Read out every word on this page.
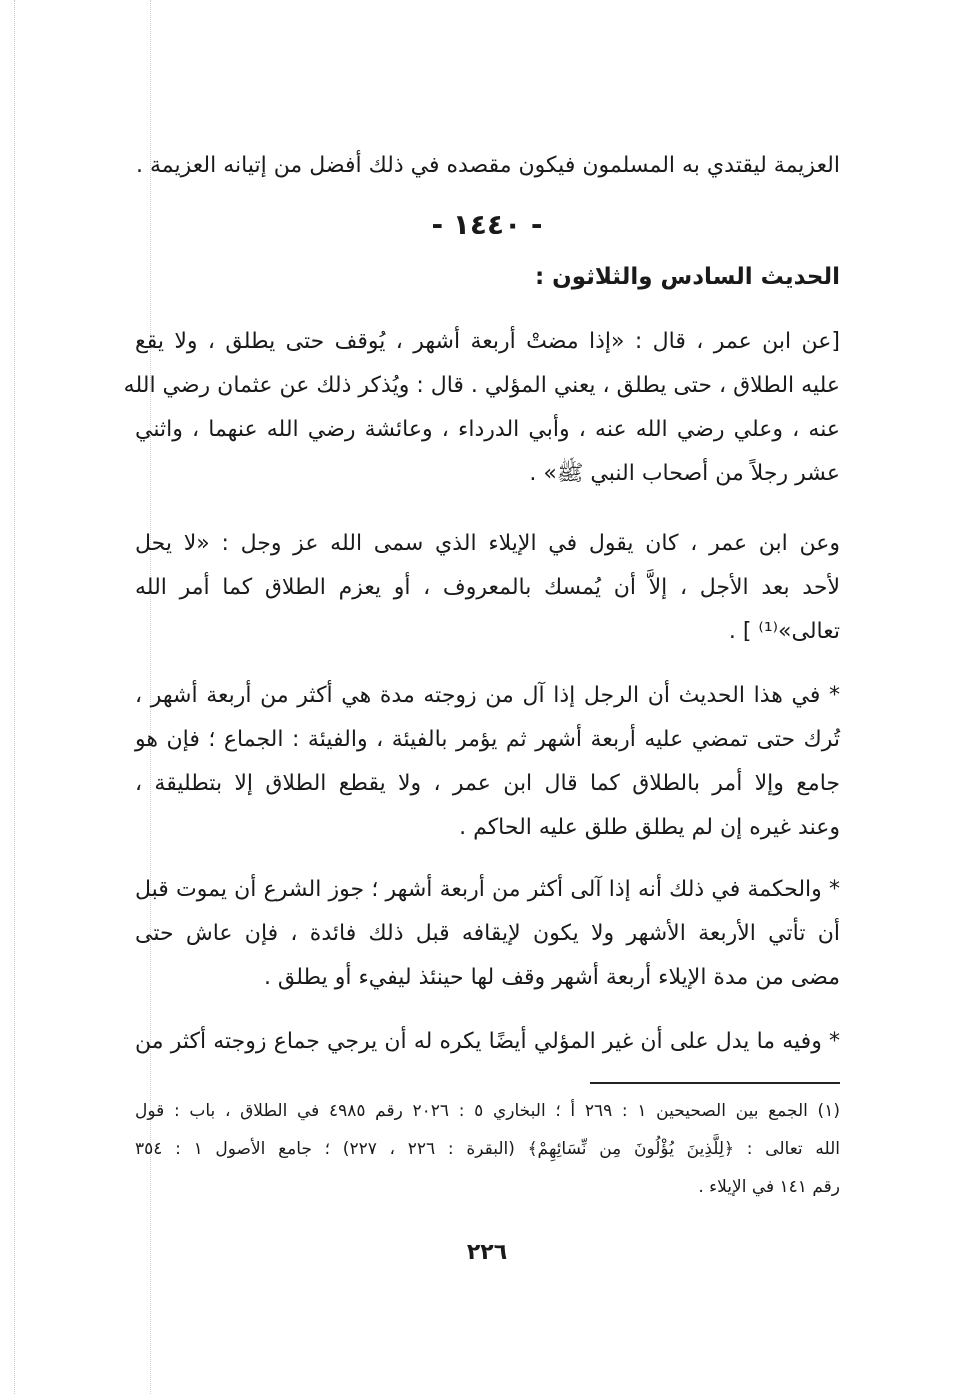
العزيمة ليقتدي به المسلمون فيكون مقصده في ذلك أفضل من إتيانه العزيمة .
- ١٤٤٠ -
الحديث السادس والثلاثون :
[عن ابن عمر ، قال : «إذا مضتْ أربعة أشهر ، يُوقف حتى يطلق ، ولا يقع
عليه الطلاق ، حتى يطلق ، يعني المؤلي . قال : ويُذكر ذلك عن عثمان رضي الله
عنه ، وعلي رضي الله عنه ، وأبي الدرداء ، وعائشة رضي الله عنهما ، واثني
عشر رجلاً من أصحاب النبي ﷺ» .
وعن ابن عمر ، كان يقول في الإيلاء الذي سمى الله عز وجل : «لا يحل
لأحد بعد الأجل ، إلاَّ أن يُمسك بالمعروف ، أو يعزم الطلاق كما أمر الله
تعالى»⁽¹⁾ ] .
* في هذا الحديث أن الرجل إذا آل من زوجته مدة هي أكثر من أربعة أشهر ،
تُرك حتى تمضي عليه أربعة أشهر ثم يؤمر بالفيئة ، والفيئة : الجماع ؛ فإن هو
جامع وإلا أمر بالطلاق كما قال ابن عمر ، ولا يقطع الطلاق إلا بتطليقة ،
وعند غيره إن لم يطلق طلق عليه الحاكم .
* والحكمة في ذلك أنه إذا آلى أكثر من أربعة أشهر ؛ جوز الشرع أن يموت قبل
أن تأتي الأربعة الأشهر ولا يكون لإيقافه قبل ذلك فائدة ، فإن عاش حتى
مضى من مدة الإيلاء أربعة أشهر وقف لها حينئذ ليفيء أو يطلق .
* وفيه ما يدل على أن غير المؤلي أيضًا يكره له أن يرجي جماع زوجته أكثر من
(١) الجمع بين الصحيحين ١ : ٢٦٩ أ ؛ البخاري ٥ : ٢٠٢٦ رقم ٤٩٨٥ في الطلاق ، باب : قول
الله تعالى : ﴿لِلَّذِينَ يُؤْلُونَ مِن نِّسَائِهِمْ﴾ (البقرة : ٢٢٦ ، ٢٢٧) ؛ جامع الأصول ١ : ٣٥٤
رقم ١٤١ في الإيلاء .
٢٢٦
